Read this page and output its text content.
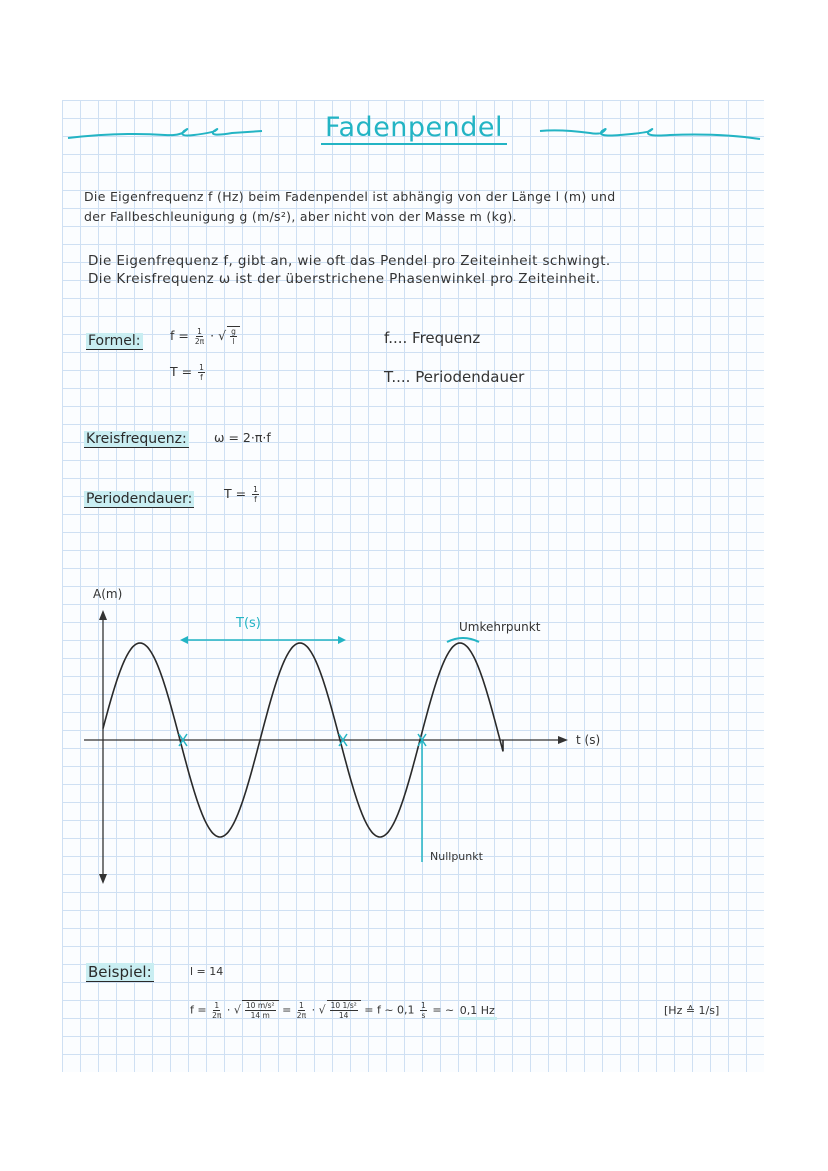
Fadenpendel
Die Eigenfrequenz f (Hz) beim Fadenpendel ist abhängig von der Länge l (m) und
der Fallbeschleunigung g (m/s²), aber nicht von der Masse m (kg).
Die Eigenfrequenz f, gibt an, wie oft das Pendel pro Zeiteinheit schwingt.
Die Kreisfrequenz ω ist der überstrichene Phasenwinkel pro Zeiteinheit.
Formel: $f = \frac{1}{2\pi}$ · √ $\frac{g}{l}$
$T = \frac{1}{f}$
f.... Frequenz
T.... Periodendauer
Kreisfrequenz: ω = 2·π·f
Periodendauer:	$T = \frac{1}{f}$
A(m)
t (s)
T(s)	Umkehrpunkt
Nullpunkt
Beispiel:	l = 14
$f = \frac{1}{2\pi}$ · √ $\frac{\text{10 m/s²}}{14 m} = \frac{1}{2\pi}$ · √ $\frac{\text{10 1/s²}}{14} = f$ ~ $0,1 \frac{1}{s}$ = ~ 0,1 Hz	[Hz ≙ 1/s]
